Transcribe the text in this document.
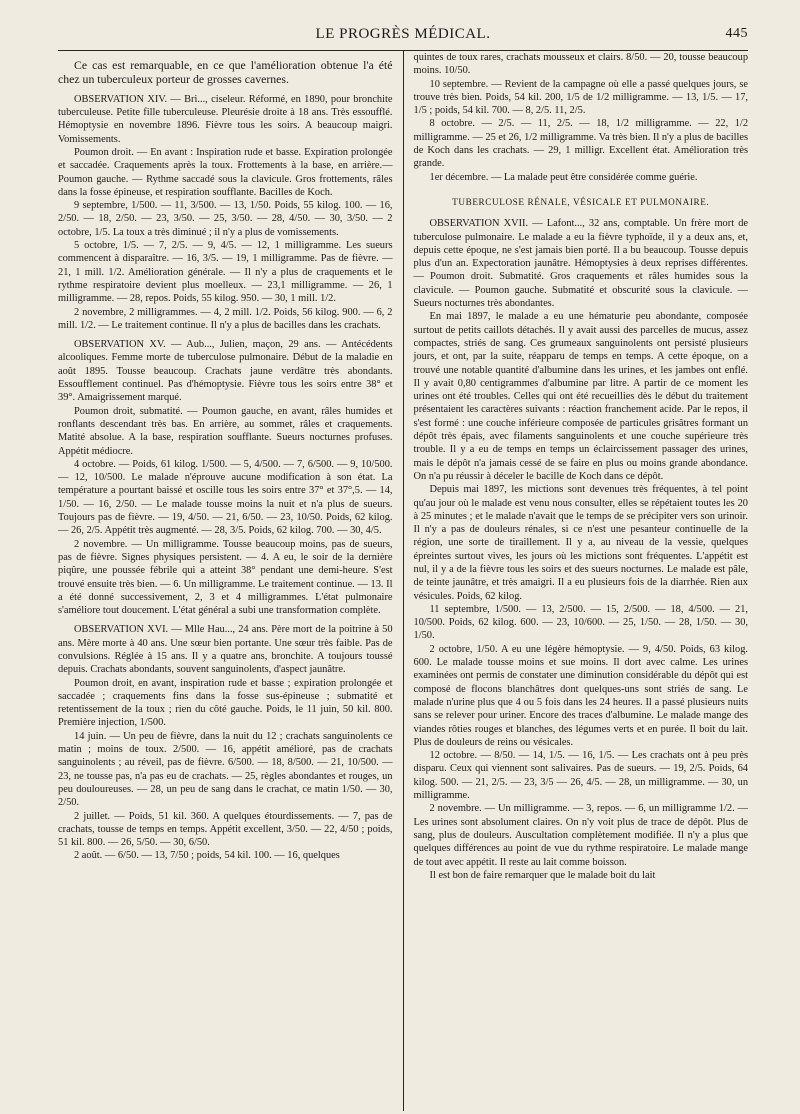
LE PROGRÈS MÉDICAL.	445

Ce cas est remarquable, en ce que l'amélioration obtenue l'a été chez un tuberculeux porteur de grosses cavernes.

OBSERVATION XIV. — Bri..., ciseleur. Réformé, en 1890, pour bronchite tuberculeuse. Petite fille tuberculeuse. Pleurésie droite à 18 ans. Très essoufflé. Hémoptysie en novembre 1896. Fièvre tous les soirs. A beaucoup maigri. Vomissements.

Poumon droit. — En avant : Inspiration rude et basse. Expiration prolongée et saccadée. Craquements après la toux. Frottements à la base, en arrière.— Poumon gauche. — Rythme saccadé sous la clavicule. Gros frottements, râles dans la fosse épineuse, et respiration soufflante. Bacilles de Koch.

9 septembre, 1/500. — 11, 3/500. — 13, 1/50. Poids, 55 kilog. 100. — 16, 2/50. — 18, 2/50. — 23, 3/50. — 25, 3/50. — 28, 4/50. — 30, 3/50. — 2 octobre, 1/5. La toux a très diminué ; il n'y a plus de vomissements.

5 octobre, 1/5. — 7, 2/5. — 9, 4/5. — 12, 1 milligramme. Les sueurs commencent à disparaître. — 16, 3/5. — 19, 1 milligramme. Pas de fièvre. — 21, 1 mill. 1/2. Amélioration générale. — Il n'y a plus de craquements et le rythme respiratoire devient plus moelleux. — 23,1 milligramme. — 26, 1 milligramme. — 28, repos. Poids, 55 kilog. 950. — 30, 1 mill. 1/2.

2 novembre, 2 milligrammes. — 4, 2 mill. 1/2. Poids, 56 kilog. 900. — 6, 2 mill. 1/2. — Le traitement continue. Il n'y a plus de bacilles dans les crachats.

OBSERVATION XV. — Aub..., Julien, maçon, 29 ans. — Antécédents alcooliques. Femme morte de tuberculose pulmonaire. Début de la maladie en août 1895. Tousse beaucoup. Crachats jaune verdâtre très abondants. Essoufflement continuel. Pas d'hémoptysie. Fièvre tous les soirs entre 38° et 39°. Amaigrissement marqué.

Poumon droit, submatité. — Poumon gauche, en avant, râles humides et ronflants descendant très bas. En arrière, au sommet, râles et craquements. Matité absolue. A la base, respiration soufflante. Sueurs nocturnes profuses. Appétit médiocre.

4 octobre. — Poids, 61 kilog. 1/500. — 5, 4/500. — 7, 6/500. — 9, 10/500. — 12, 10/500. Le malade n'éprouve aucune modification à son état. La température a pourtant baissé et oscille tous les soirs entre 37° et 37°,5. — 14, 1/50. — 16, 2/50. — Le malade tousse moins la nuit et n'a plus de sueurs. Toujours pas de fièvre. — 19, 4/50. — 21, 6/50. — 23, 10/50. Poids, 62 kilog. — 26, 2/5. Appétit très augmenté. — 28, 3/5. Poids, 62 kilog. 700. — 30, 4/5.

2 novembre. — Un milligramme. Tousse beaucoup moins, pas de sueurs, pas de fièvre. Signes physiques persistent. — 4. A eu, le soir de la dernière piqûre, une poussée fébrile qui a atteint 38° pendant une demi-heure. S'est trouvé ensuite très bien. — 6. Un milligramme. Le traitement continue. — 13. Il a été donné successivement, 2, 3 et 4 milligrammes. L'état pulmonaire s'améliore tout doucement. L'état général a subi une transformation complète.

OBSERVATION XVI. — Mlle Hau..., 24 ans. Père mort de la poitrine à 50 ans. Mère morte à 40 ans. Une sœur bien portante. Une sœur très faible. Pas de convulsions. Réglée à 15 ans. Il y a quatre ans, bronchite. A toujours toussé depuis. Crachats abondants, souvent sanguinolents, d'aspect jaunâtre.

Poumon droit, en avant, inspiration rude et basse ; expiration prolongée et saccadée ; craquements fins dans la fosse sus-épineuse ; submatité et retentissement de la toux ; rien du côté gauche. Poids, le 11 juin, 50 kil. 800. Première injection, 1/500.

14 juin. — Un peu de fièvre, dans la nuit du 12 ; crachats sanguinolents ce matin ; moins de toux. 2/500. — 16, appétit amélioré, pas de crachats sanguinolents ; au réveil, pas de fièvre. 6/500. — 18, 8/500. — 21, 10/500. — 23, ne tousse pas, n'a pas eu de crachats. — 25, règles abondantes et rouges, un peu douloureuses. — 28, un peu de sang dans le crachat, ce matin 1/50. — 30, 2/50.

2 juillet. — Poids, 51 kil. 360. A quelques étourdissements. — 7, pas de crachats, tousse de temps en temps. Appétit excellent, 3/50. — 22, 4/50 ; poids, 51 kil. 800. — 26, 5/50. — 30, 6/50.

2 août. — 6/50. — 13, 7/50 ; poids, 54 kil. 100. — 16, quelques

quintes de toux rares, crachats mousseux et clairs. 8/50. — 20, tousse beaucoup moins. 10/50.

10 septembre. — Revient de la campagne où elle a passé quelques jours, se trouve très bien. Poids, 54 kil. 200, 1/5 de 1/2 milligramme. — 13, 1/5. — 17, 1/5 ; poids, 54 kil. 700. — 8, 2/5. 11, 2/5.

8 octobre. — 2/5. — 11, 2/5. — 18, 1/2 milligramme. — 22, 1/2 milligramme. — 25 et 26, 1/2 milligramme. Va très bien. Il n'y a plus de bacilles de Koch dans les crachats. — 29, 1 milligr. Excellent état. Amélioration très grande.

1er décembre. — La malade peut être considérée comme guérie.

TUBERCULOSE RÉNALE, VÉSICALE ET PULMONAIRE.

OBSERVATION XVII. — Lafont..., 32 ans, comptable. Un frère mort de tuberculose pulmonaire. Le malade a eu la fièvre typhoïde, il y a deux ans, et, depuis cette époque, ne s'est jamais bien porté. Il a bu beaucoup. Tousse depuis plus d'un an. Expectoration jaunâtre. Hémoptysies à deux reprises différentes. — Poumon droit. Submatité. Gros craquements et râles humides sous la clavicule. — Poumon gauche. Submatité et obscurité sous la clavicule. — Sueurs nocturnes très abondantes.

En mai 1897, le malade a eu une hématurie peu abondante, composée surtout de petits caillots détachés. Il y avait aussi des parcelles de mucus, assez compactes, striés de sang. Ces grumeaux sanguinolents ont persisté plusieurs jours, et ont, par la suite, réapparu de temps en temps. A cette époque, on a trouvé une notable quantité d'albumine dans les urines, et les jambes ont enflé. Il y avait 0,80 centigrammes d'albumine par litre. A partir de ce moment les urines ont été troubles. Celles qui ont été recueillies dès le début du traitement présentaient les caractères suivants : réaction franchement acide. Par le repos, il s'est formé : une couche inférieure composée de particules grisâtres formant un dépôt très épais, avec filaments sanguinolents et une couche supérieure très trouble. Il y a eu de temps en temps un éclaircissement passager des urines, mais le dépôt n'a jamais cessé de se faire en plus ou moins grande abondance. On n'a pu réussir à déceler le bacille de Koch dans ce dépôt.

Depuis mai 1897, les mictions sont devenues très fréquentes, à tel point qu'au jour où le malade est venu nous consulter, elles se répétaient toutes les 20 à 25 minutes ; et le malade n'avait que le temps de se précipiter vers son urinoir. Il n'y a pas de douleurs rénales, si ce n'est une pesanteur continuelle de la région, une sorte de tiraillement. Il y a, au niveau de la vessie, quelques épreintes surtout vives, les jours où les mictions sont fréquentes. L'appétit est nul, il y a de la fièvre tous les soirs et des sueurs nocturnes. Le malade est pâle, de teinte jaunâtre, et très amaigri. Il a eu plusieurs fois de la diarrhée. Rien aux vésicules. Poids, 62 kilog.

11 septembre, 1/500. — 13, 2/500. — 15, 2/500. — 18, 4/500. — 21, 10/500. Poids, 62 kilog. 600. — 23, 10/600. — 25, 1/50. — 28, 1/50. — 30, 1/50.

2 octobre, 1/50. A eu une légère hémoptysie. — 9, 4/50. Poids, 63 kilog. 600. Le malade tousse moins et sue moins. Il dort avec calme. Les urines examinées ont permis de constater une diminution considérable du dépôt qui est composé de flocons blanchâtres dont quelques-uns sont striés de sang. Le malade n'urine plus que 4 ou 5 fois dans les 24 heures. Il a passé plusieurs nuits sans se relever pour uriner. Encore des traces d'albumine. Le malade mange des viandes rôties rouges et blanches, des légumes verts et en purée. Il boit du lait. Plus de douleurs de reins ou vésicales.

12 octobre. — 8/50. — 14, 1/5. — 16, 1/5. — Les crachats ont à peu près disparu. Ceux qui viennent sont salivaires. Pas de sueurs. — 19, 2/5. Poids, 64 kilog. 500. — 21, 2/5. — 23, 3/5 — 26, 4/5. — 28, un milligramme. — 30, un milligramme.

2 novembre. — Un milligramme. — 3, repos. — 6, un milligramme 1/2. — Les urines sont absolument claires. On n'y voit plus de trace de dépôt. Plus de sang, plus de douleurs. Auscultation complètement modifiée. Il n'y a plus que quelques différences au point de vue du rythme respiratoire. Le malade mange de tout avec appétit. Il reste au lait comme boisson.

Il est bon de faire remarquer que le malade boit du lait
